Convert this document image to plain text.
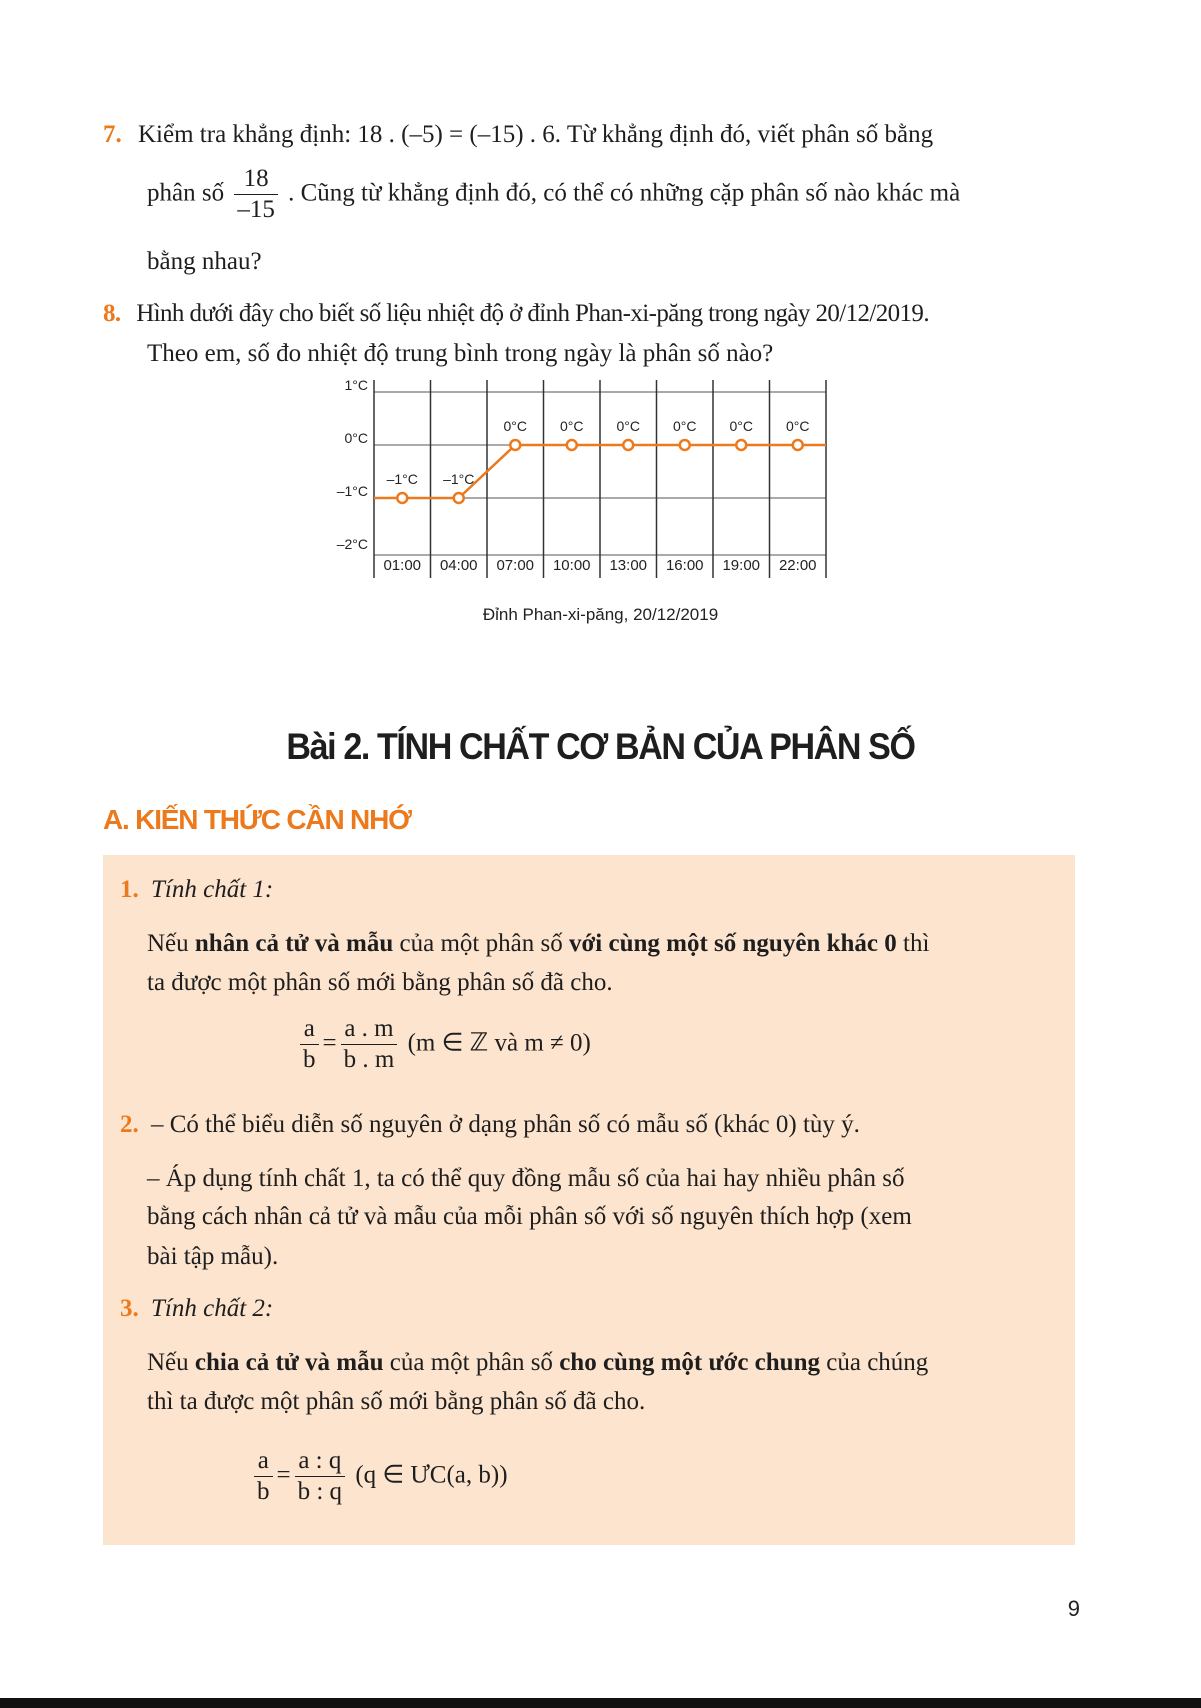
7. Kiểm tra khẳng định: 18 . (–5) = (–15) . 6. Từ khẳng định đó, viết phân số bằng
phân số $\frac{18}{-15}$ . Cũng từ khẳng định đó, có thể có những cặp phân số nào khác mà
bằng nhau?
8. Hình dưới đây cho biết số liệu nhiệt độ ở đỉnh Phan-xi-păng trong ngày 20/12/2019.
Theo em, số đo nhiệt độ trung bình trong ngày là phân số nào?
1°C
0°C
–1°C
–2°C
01:00 04:00 07:00 10:00 13:00 16:00 19:00 22:00
–1°C –1°C
0°C 0°C 0°C 0°C 0°C 0°C
Đỉnh Phan-xi-păng, 20/12/2019
Bài 2. TÍNH CHẤT CƠ BẢN CỦA PHÂN SỐ
A. KIẾN THỨC CẦN NHỚ
1. Tính chất 1:
Nếu nhân cả tử và mẫu của một phân số với cùng một số nguyên khác 0 thì
ta được một phân số mới bằng phân số đã cho.
$\frac{a}{b} = \frac{a . m}{b . m} (m$ ∈ ℤ và m ≠ 0)
2. – Có thể biểu diễn số nguyên ở dạng phân số có mẫu số (khác 0) tùy ý.
– Áp dụng tính chất 1, ta có thể quy đồng mẫu số của hai hay nhiều phân số
bằng cách nhân cả tử và mẫu của mỗi phân số với số nguyên thích hợp (xem
bài tập mẫu).
3. Tính chất 2:
Nếu chia cả tử và mẫu của một phân số cho cùng một ước chung của chúng
thì ta được một phân số mới bằng phân số đã cho.
$\frac{a}{b} = \frac{a : q}{b : q} (q$ ∈ ƯC(a, b))
9
